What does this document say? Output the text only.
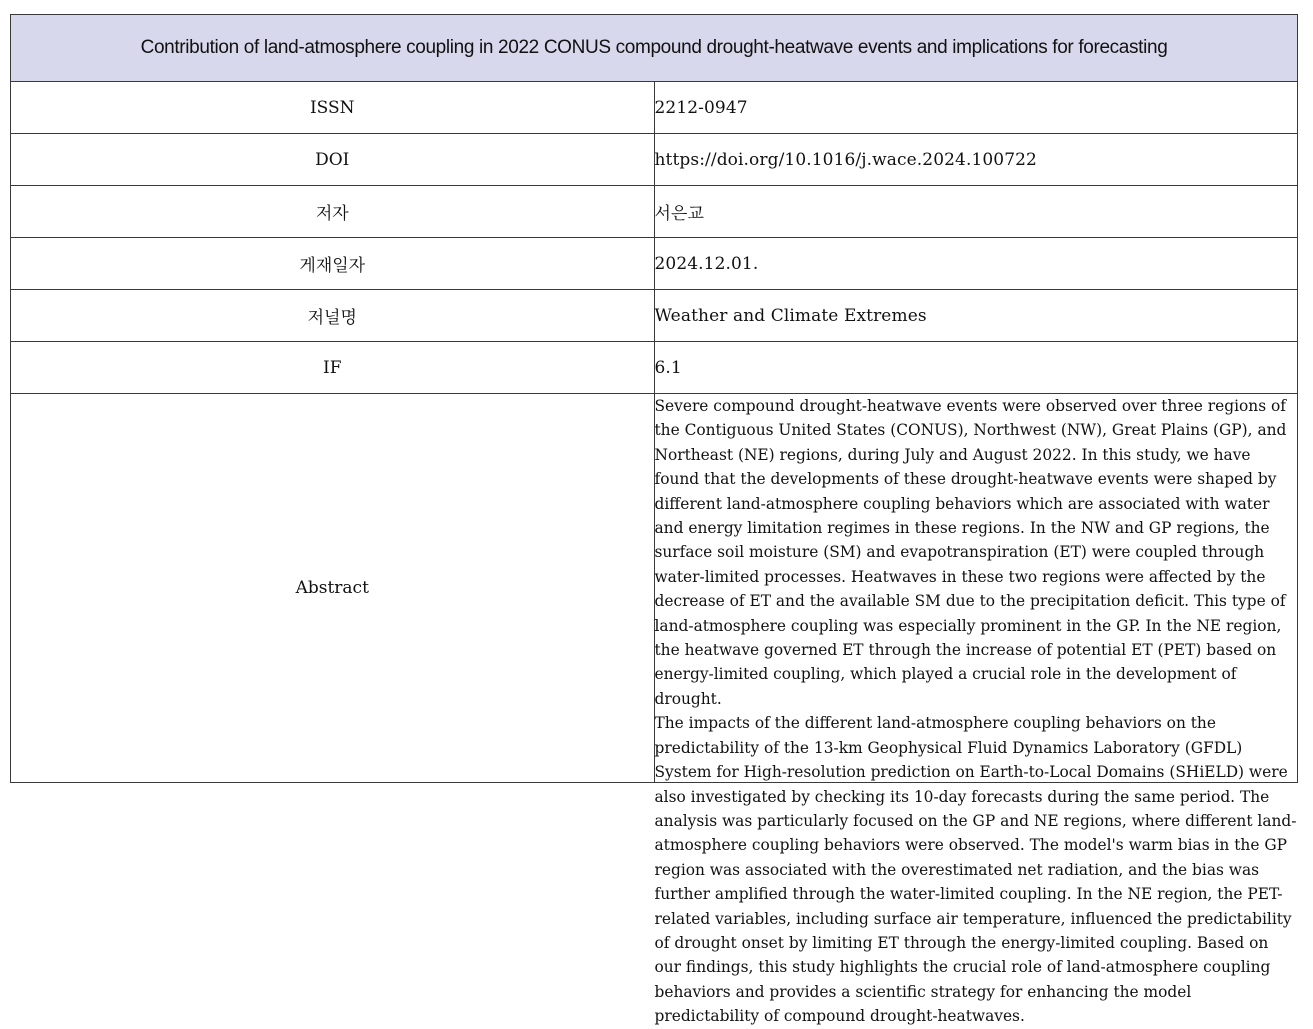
Contribution of land-atmosphere coupling in 2022 CONUS compound drought-heatwave events and implications for forecasting	
ISSN	2212-0947
DOI	https://doi.org/10.1016/j.wace.2024.100722
저자	서은교
게재일자	2024.12.01.
저널명	Weather and Climate Extremes
IF	6.1
Abstract	Severe compound drought-heatwave events were observed over three regions of the Contiguous United States (CONUS), Northwest (NW), Great Plains (GP), and Northeast (NE) regions, during July and August 2022. In this study, we have found that the developments of these drought-heatwave events were shaped by different land-atmosphere coupling behaviors which are associated with water and energy limitation regimes in these regions. In the NW and GP regions, the surface soil moisture (SM) and evapotranspiration (ET) were coupled through water-limited processes. Heatwaves in these two regions were affected by the decrease of ET and the available SM due to the precipitation deficit. This type of land-atmosphere coupling was especially prominent in the GP. In the NE region, the heatwave governed ET through the increase of potential ET (PET) based on energy-limited coupling, which played a crucial role in the development of drought.

The impacts of the different land-atmosphere coupling behaviors on the predictability of the 13-km Geophysical Fluid Dynamics Laboratory (GFDL) System for High-resolution prediction on Earth-to-Local Domains (SHiELD) were also investigated by checking its 10-day forecasts during the same period. The analysis was particularly focused on the GP and NE regions, where different land-atmosphere coupling behaviors were observed. The model's warm bias in the GP region was associated with the overestimated net radiation, and the bias was further amplified through the water-limited coupling. In the NE region, the PET-related variables, including surface air temperature, influenced the predictability of drought onset by limiting ET through the energy-limited coupling. Based on our findings, this study highlights the crucial role of land-atmosphere coupling behaviors and provides a scientific strategy for enhancing the model predictability of compound drought-heatwaves.
